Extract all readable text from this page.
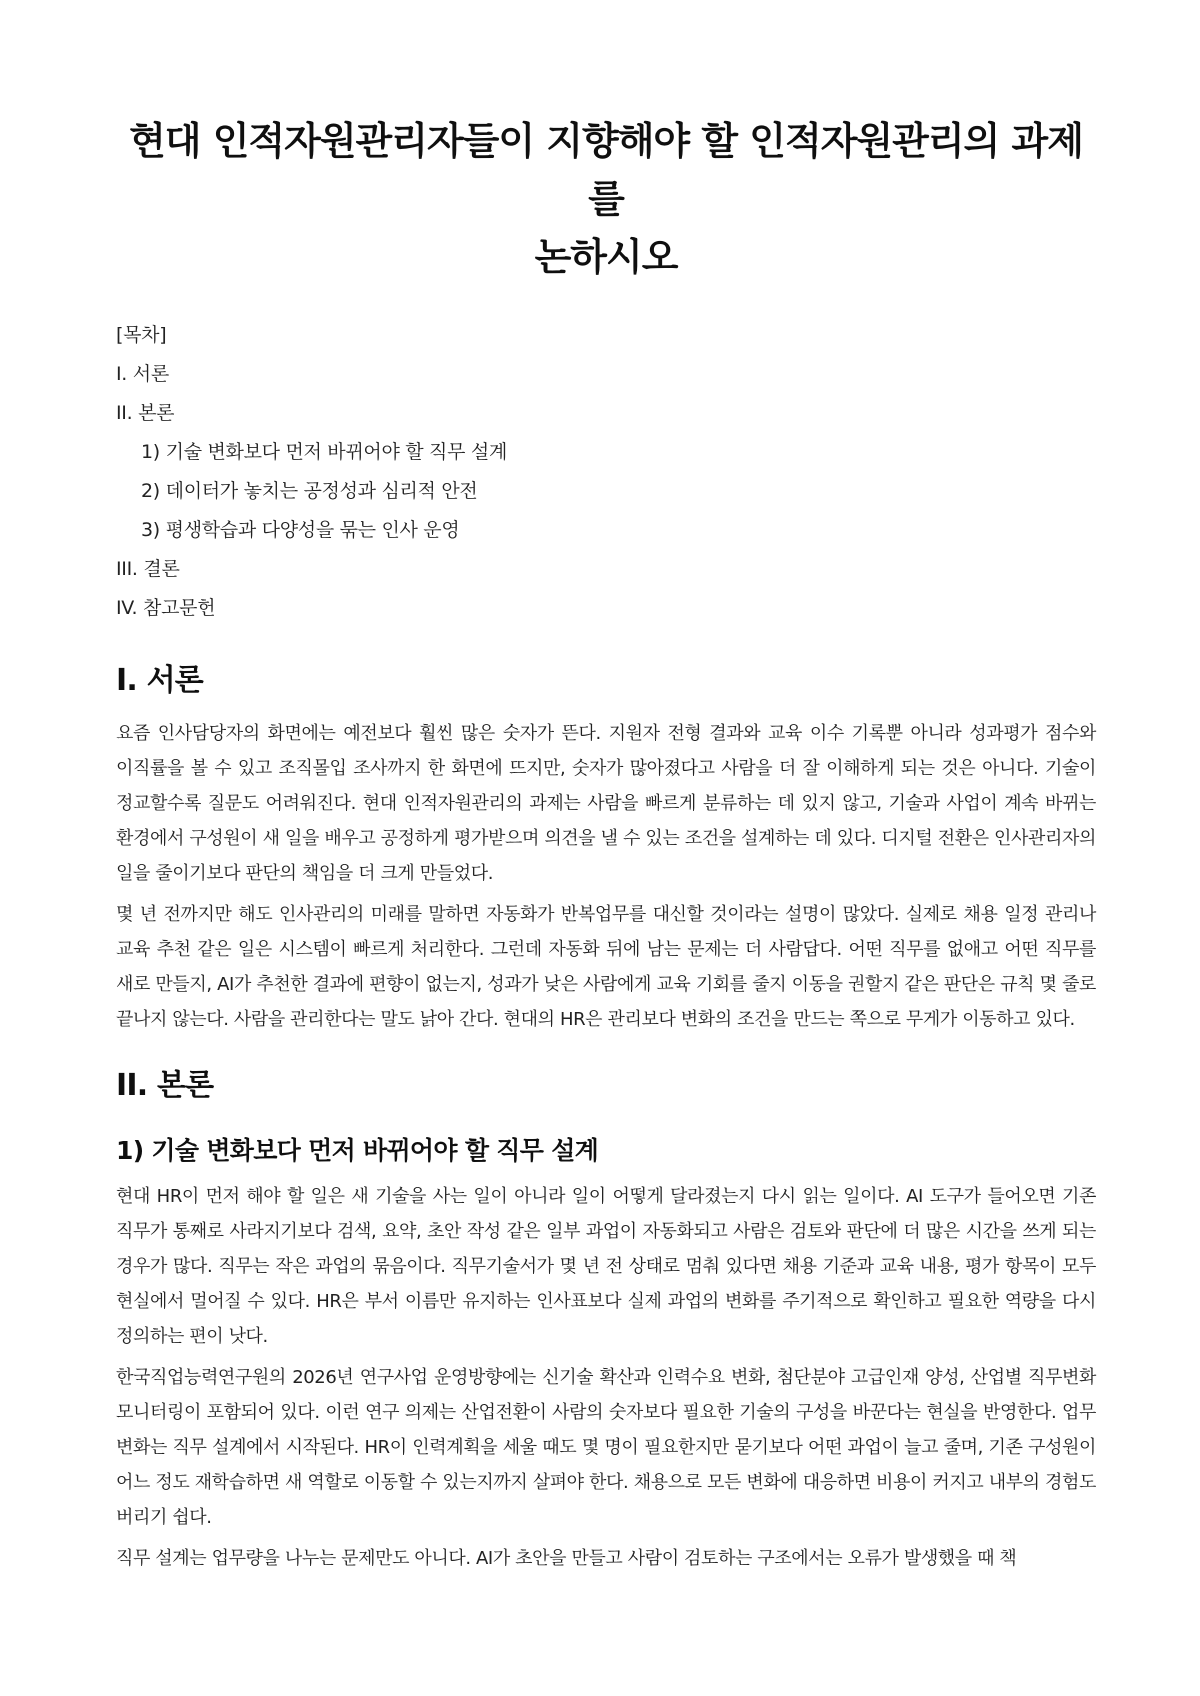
현대 인적자원관리자들이 지향해야 할 인적자원관리의 과제를
논하시오
[목차]
I. 서론
II. 본론
1) 기술 변화보다 먼저 바뀌어야 할 직무 설계
2) 데이터가 놓치는 공정성과 심리적 안전
3) 평생학습과 다양성을 묶는 인사 운영
III. 결론
IV. 참고문헌
I. 서론

요즘 인사담당자의 화면에는 예전보다 훨씬 많은 숫자가 뜬다. 지원자 전형 결과와 교육 이수 기록뿐 아니라 성과평가 점수와 이직률을 볼 수 있고 조직몰입 조사까지 한 화면에 뜨지만, 숫자가 많아졌다고 사람을 더 잘 이해하게 되는 것은 아니다. 기술이 정교할수록 질문도 어려워진다. 현대 인적자원관리의 과제는 사람을 빠르게 분류하는 데 있지 않고, 기술과 사업이 계속 바뀌는 환경에서 구성원이 새 일을 배우고 공정하게 평가받으며 의견을 낼 수 있는 조건을 설계하는 데 있다. 디지털 전환은 인사관리자의 일을 줄이기보다 판단의 책임을 더 크게 만들었다.

몇 년 전까지만 해도 인사관리의 미래를 말하면 자동화가 반복업무를 대신할 것이라는 설명이 많았다. 실제로 채용 일정 관리나 교육 추천 같은 일은 시스템이 빠르게 처리한다. 그런데 자동화 뒤에 남는 문제는 더 사람답다. 어떤 직무를 없애고 어떤 직무를 새로 만들지, AI가 추천한 결과에 편향이 없는지, 성과가 낮은 사람에게 교육 기회를 줄지 이동을 권할지 같은 판단은 규칙 몇 줄로 끝나지 않는다. 사람을 관리한다는 말도 낡아 간다. 현대의 HR은 관리보다 변화의 조건을 만드는 쪽으로 무게가 이동하고 있다.

II. 본론
1) 기술 변화보다 먼저 바뀌어야 할 직무 설계

현대 HR이 먼저 해야 할 일은 새 기술을 사는 일이 아니라 일이 어떻게 달라졌는지 다시 읽는 일이다. AI 도구가 들어오면 기존 직무가 통째로 사라지기보다 검색, 요약, 초안 작성 같은 일부 과업이 자동화되고 사람은 검토와 판단에 더 많은 시간을 쓰게 되는 경우가 많다. 직무는 작은 과업의 묶음이다. 직무기술서가 몇 년 전 상태로 멈춰 있다면 채용 기준과 교육 내용, 평가 항목이 모두 현실에서 멀어질 수 있다. HR은 부서 이름만 유지하는 인사표보다 실제 과업의 변화를 주기적으로 확인하고 필요한 역량을 다시 정의하는 편이 낫다.

한국직업능력연구원의 2026년 연구사업 운영방향에는 신기술 확산과 인력수요 변화, 첨단분야 고급인재 양성, 산업별 직무변화 모니터링이 포함되어 있다. 이런 연구 의제는 산업전환이 사람의 숫자보다 필요한 기술의 구성을 바꾼다는 현실을 반영한다. 업무 변화는 직무 설계에서 시작된다. HR이 인력계획을 세울 때도 몇 명이 필요한지만 묻기보다 어떤 과업이 늘고 줄며, 기존 구성원이 어느 정도 재학습하면 새 역할로 이동할 수 있는지까지 살펴야 한다. 채용으로 모든 변화에 대응하면 비용이 커지고 내부의 경험도 버리기 쉽다.

직무 설계는 업무량을 나누는 문제만도 아니다. AI가 초안을 만들고 사람이 검토하는 구조에서는 오류가 발생했을 때 책
